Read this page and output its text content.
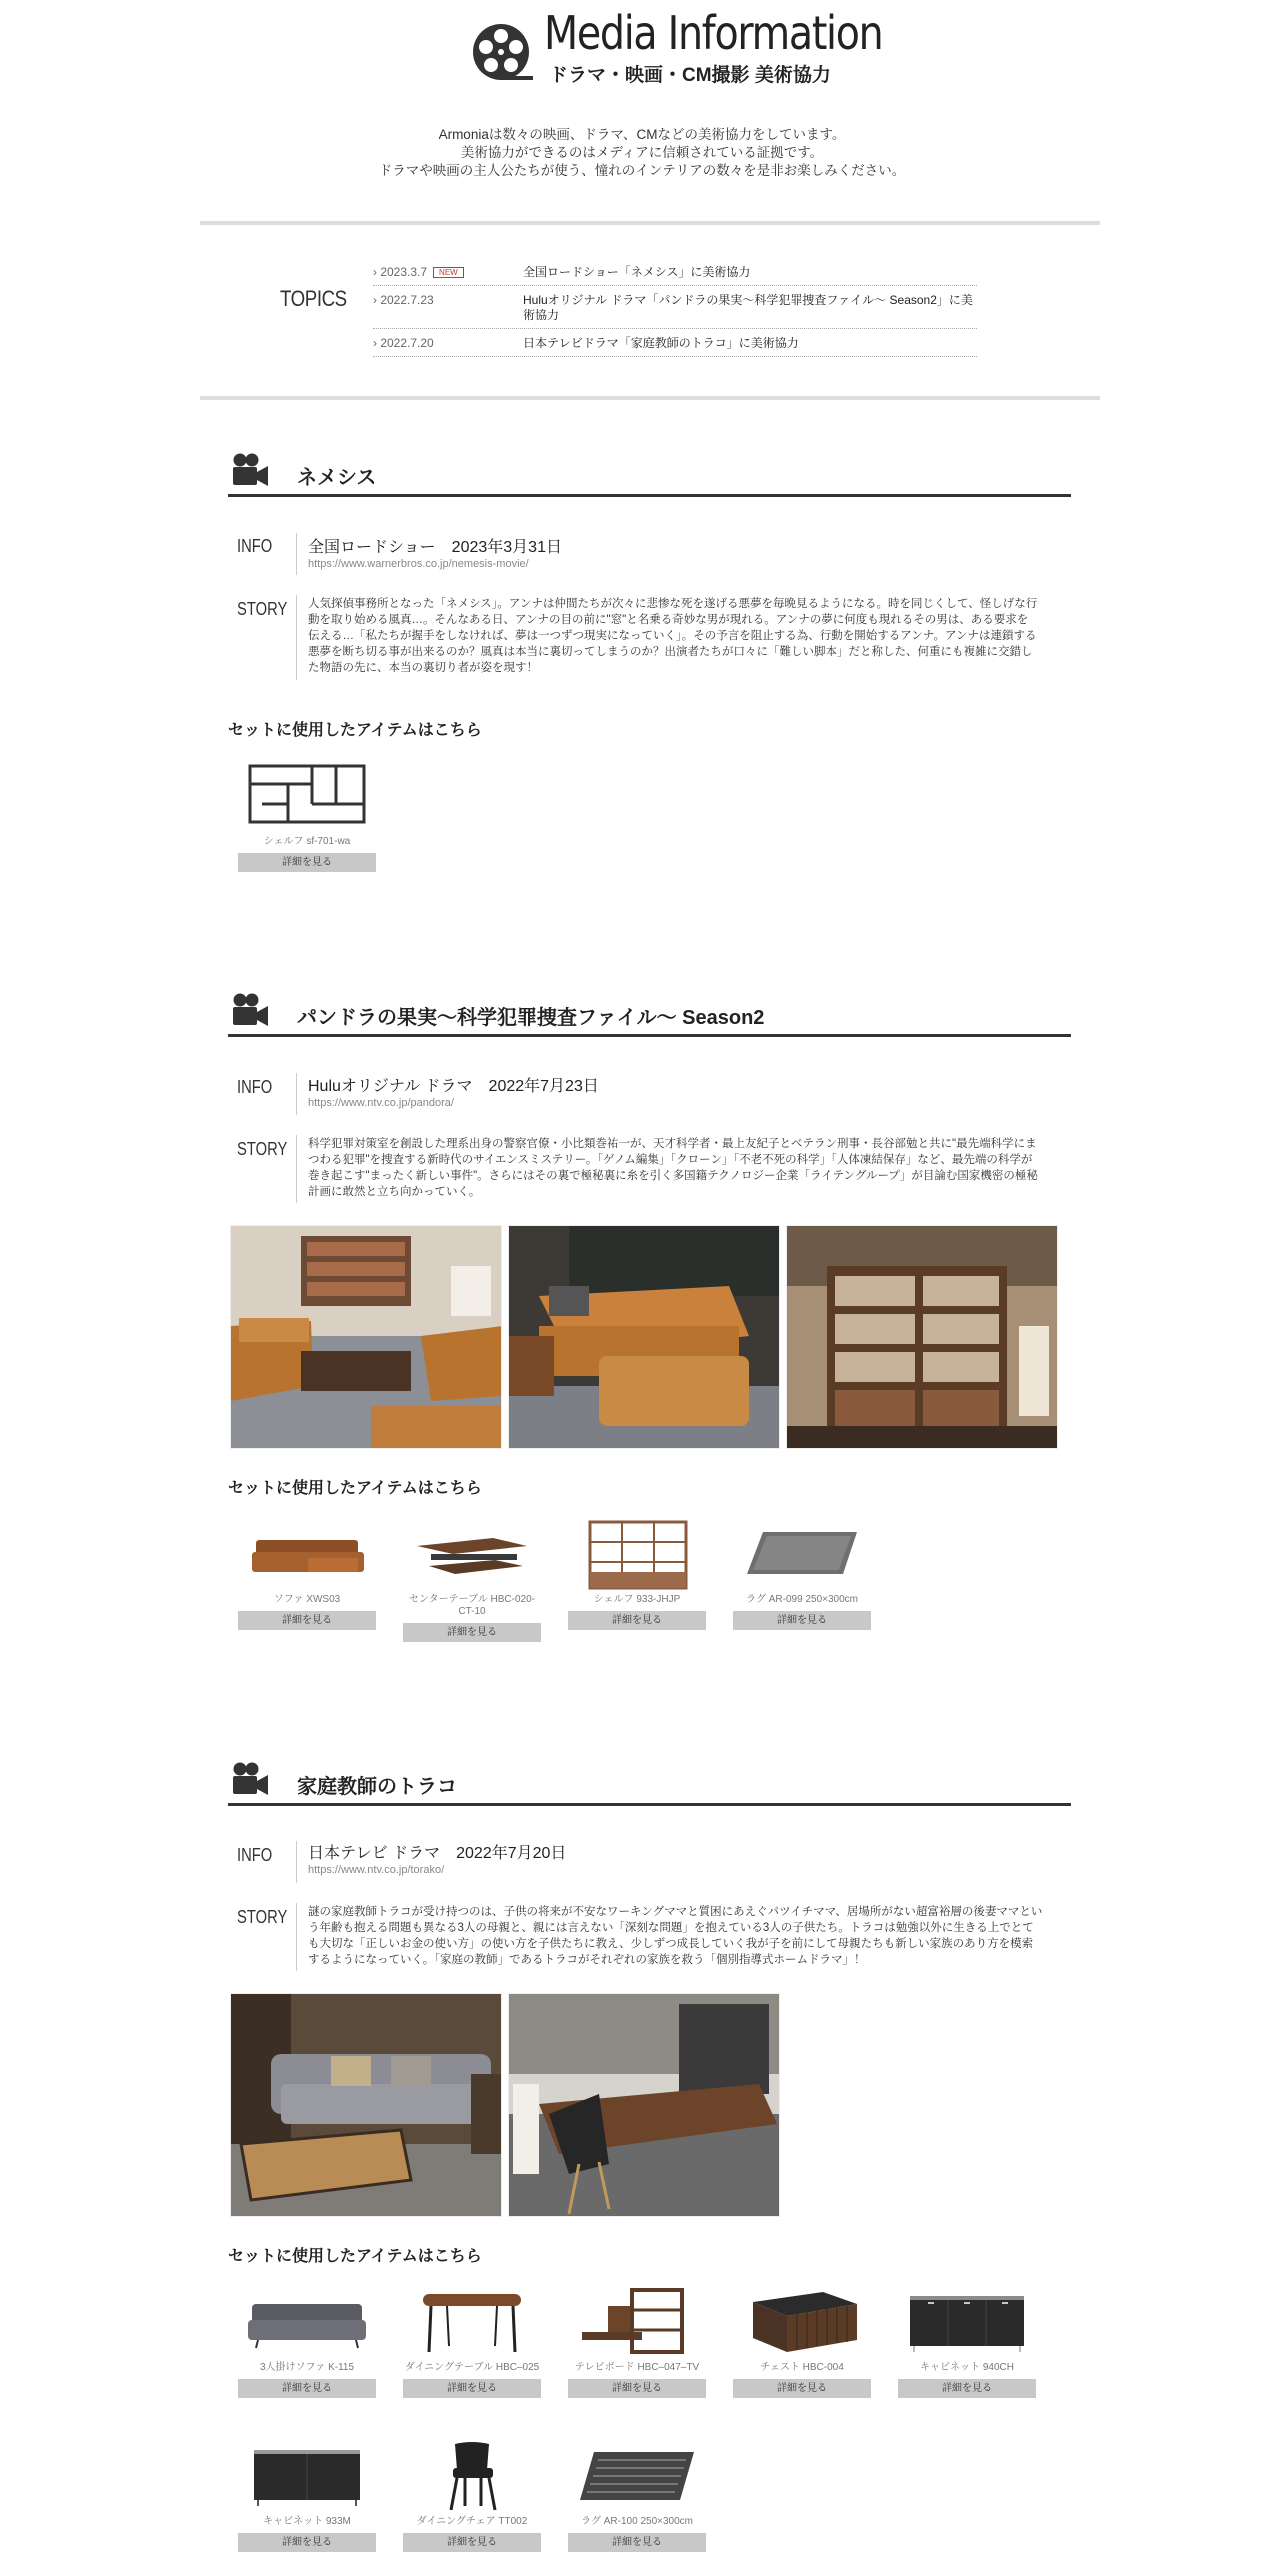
Media Information
ドラマ・映画・CM撮影 美術協力
Armoniaは数々の映画、ドラマ、CMなどの美術協力をしています。
美術協力ができるのはメディアに信頼されている証拠です。
ドラマや映画の主人公たちが使う、憧れのインテリアの数々を是非お楽しみください。
TOPICS
› 2023.3.7 NEW	全国ロードショー「ネメシス」に美術協力
› 2022.7.23	Huluオリジナル ドラマ「パンドラの果実～科学犯罪捜査ファイル～ Season2」に美術協力
› 2022.7.20	日本テレビドラマ「家庭教師のトラコ」に美術協力
ネメシス
INFO 全国ロードショー　2023年3月31日
https://www.warnerbros.co.jp/nemesis-movie/
STORY 人気探偵事務所となった「ネメシス」。アンナは仲間たちが次々に悲惨な死を遂げる悪夢を毎晩見るようになる。時を同じくして、怪しげな行動を取り始める風真…。そんなある日、アンナの目の前に"窓"と名乗る奇妙な男が現れる。アンナの夢に何度も現れるその男は、ある要求を伝える…「私たちが握手をしなければ、夢は一つずつ現実になっていく」。その予言を阻止する為、行動を開始するアンナ。アンナは連鎖する悪夢を断ち切る事が出来るのか？風真は本当に裏切ってしまうのか？出演者たちが口々に「難しい脚本」だと称した、何重にも複雑に交錯した物語の先に、本当の裏切り者が姿を現す！
セットに使用したアイテムはこちら
シェルフ sf-701-wa
詳細を見る
パンドラの果実～科学犯罪捜査ファイル～ Season2
INFO Huluオリジナル ドラマ　2022年7月23日
https://www.ntv.co.jp/pandora/
STORY 科学犯罪対策室を創設した理系出身の警察官僚・小比類巻祐一が、天才科学者・最上友紀子とベテラン刑事・長谷部勉と共に"最先端科学にまつわる犯罪"を捜査する新時代のサイエンスミステリー。「ゲノム編集」「クローン」「不老不死の科学」「人体凍結保存」など、最先端の科学が巻き起こす"まったく新しい事件"。さらにはその裏で極秘裏に糸を引く多国籍テクノロジー企業「ライテングループ」が目論む国家機密の極秘計画に敢然と立ち向かっていく。
セットに使用したアイテムはこちら
ソファ XWS03
詳細を見る
センターテーブル HBC-020-CT-10
詳細を見る
シェルフ 933-JHJP
詳細を見る
ラグ AR-099 250×300cm
詳細を見る
家庭教師のトラコ
INFO 日本テレビ ドラマ　2022年7月20日
https://www.ntv.co.jp/torako/
STORY 謎の家庭教師トラコが受け持つのは、子供の将来が不安なワーキングママと質困にあえぐパツイチママ、居場所がない超富裕層の後妻ママという年齢も抱える問題も異なる3人の母親と、親には言えない「深刻な問題」を抱えている3人の子供たち。トラコは勉強以外に生きる上でとても大切な「正しいお金の使い方」の使い方を子供たちに教え、少しずつ成長していく我が子を前にして母親たちも新しい家族のあり方を模索するようになっていく。「家庭の教師」であるトラコがそれぞれの家族を救う「個別指導式ホームドラマ」！
セットに使用したアイテムはこちら
3人掛けソファ K-115
詳細を見る
ダイニングテーブル HBC–025
詳細を見る
テレビボード HBC–047–TV
詳細を見る
チェスト HBC-004
詳細を見る
キャビネット 940CH
詳細を見る
キャビネット 933M
詳細を見る
ダイニングチェア TT002
詳細を見る
ラグ AR-100 250×300cm
詳細を見る
